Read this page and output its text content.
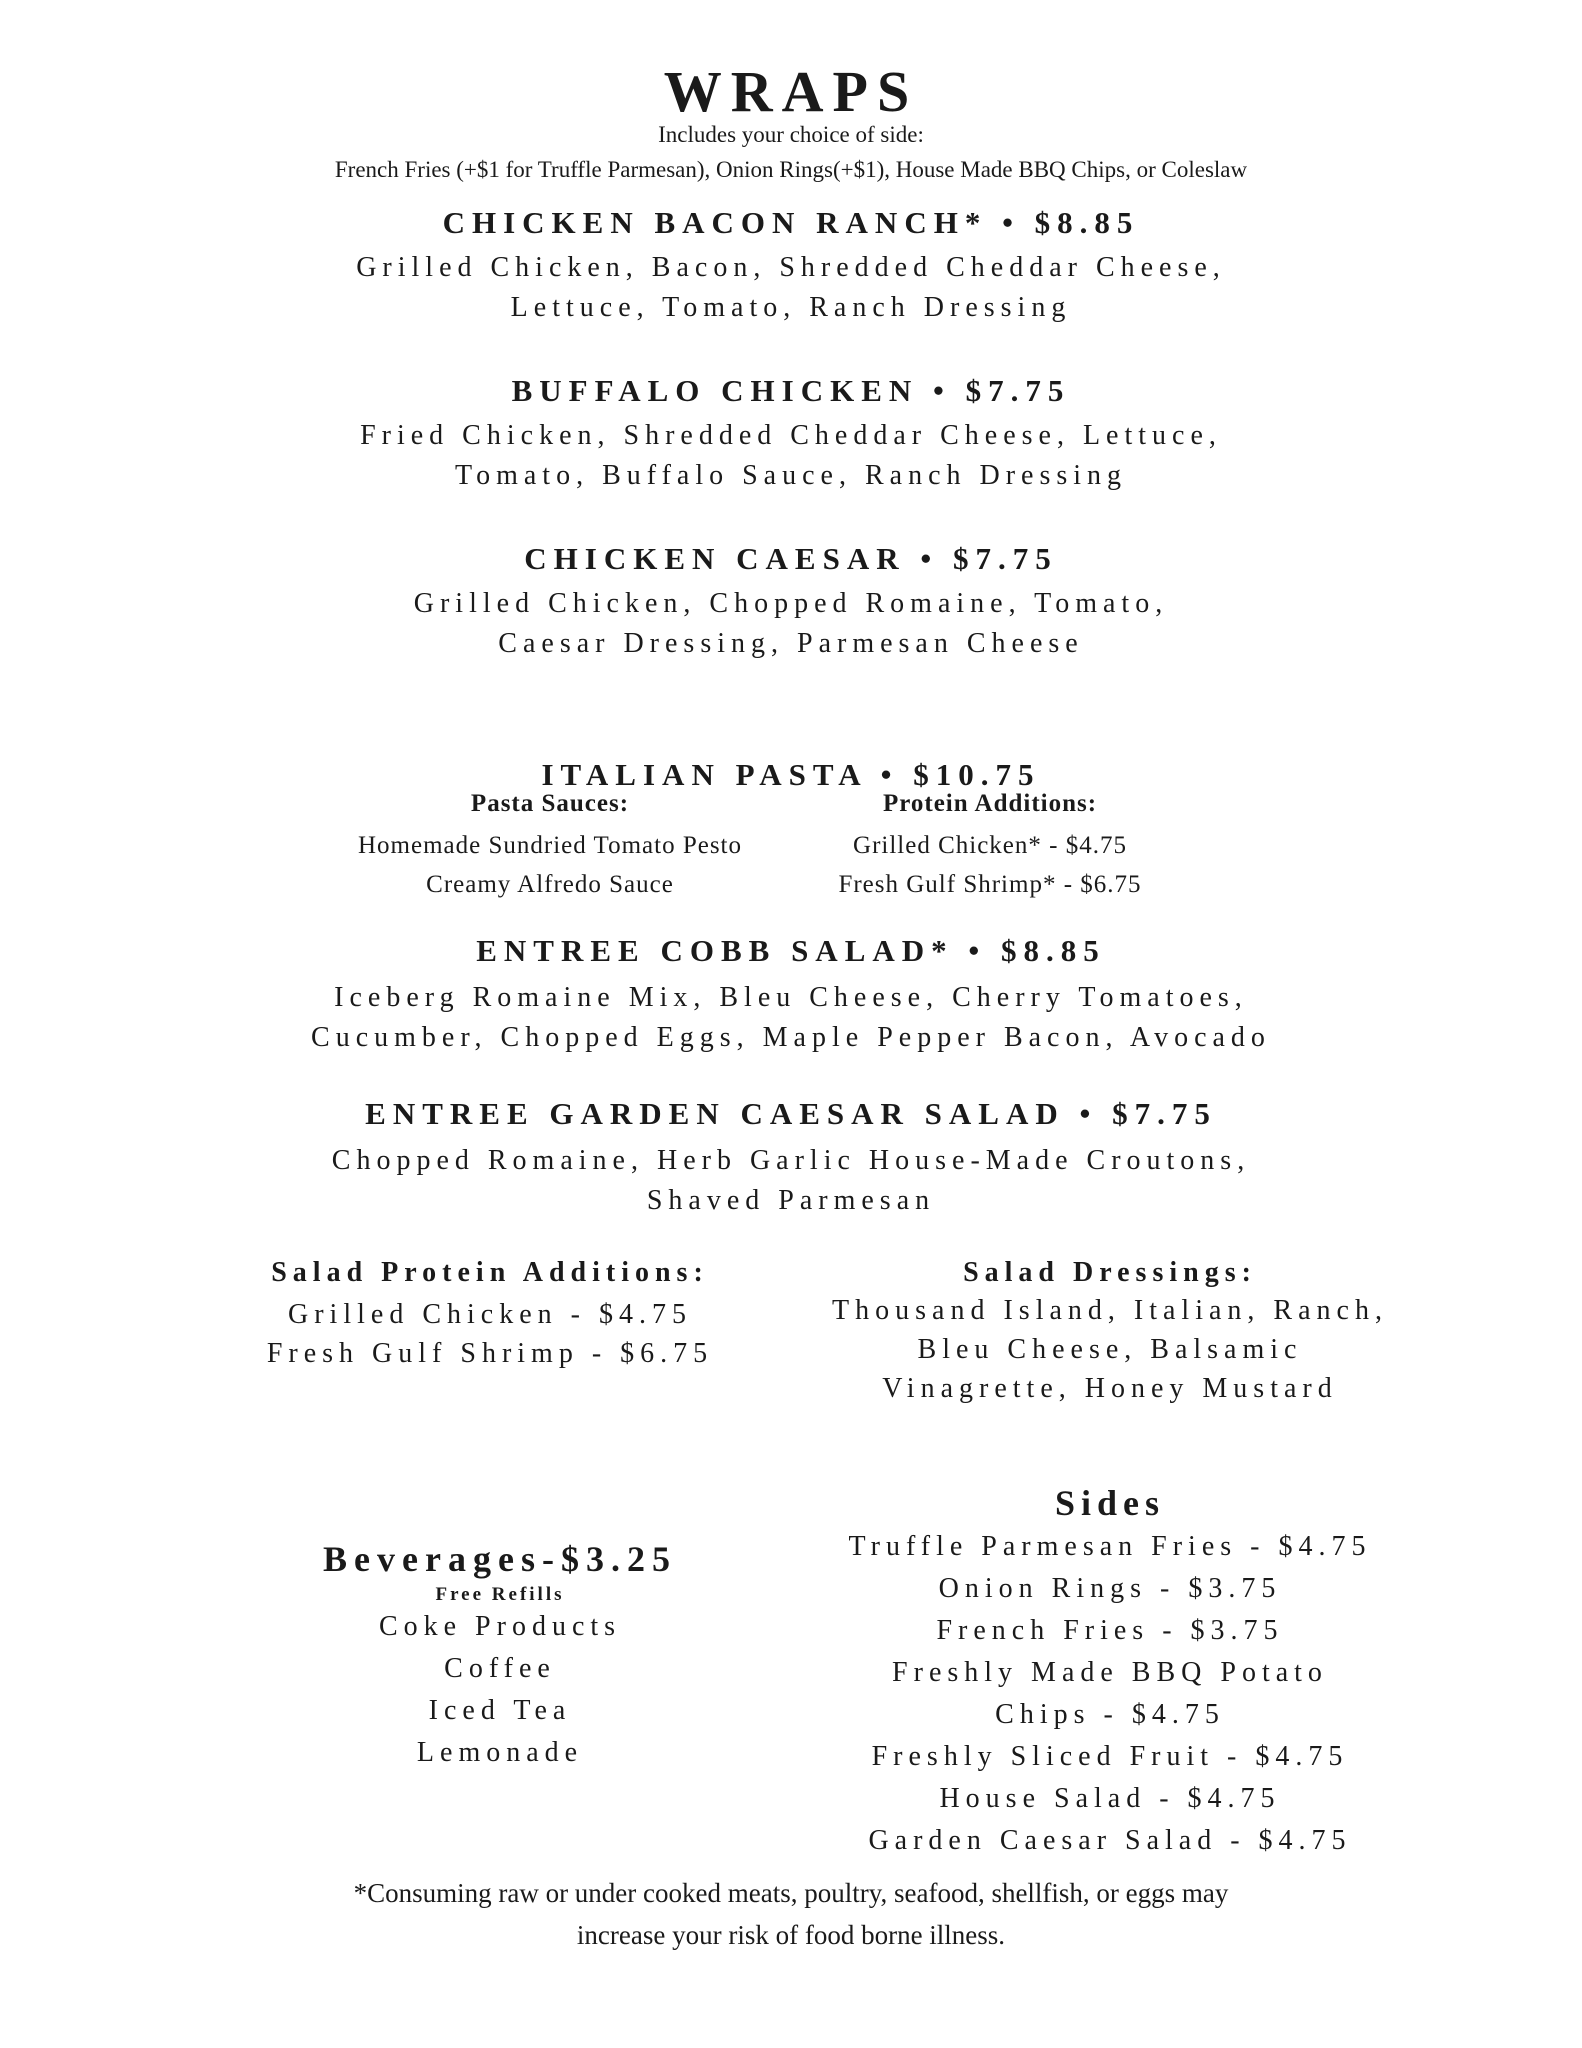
WRAPS
Includes your choice of side:
French Fries (+$1 for Truffle Parmesan), Onion Rings(+$1), House Made BBQ Chips, or Coleslaw
CHICKEN BACON RANCH* • $8.85
Grilled Chicken, Bacon, Shredded Cheddar Cheese,
Lettuce, Tomato, Ranch Dressing
BUFFALO CHICKEN • $7.75
Fried Chicken, Shredded Cheddar Cheese, Lettuce,
Tomato, Buffalo Sauce, Ranch Dressing
CHICKEN CAESAR • $7.75
Grilled Chicken, Chopped Romaine, Tomato,
Caesar Dressing, Parmesan Cheese
ITALIAN PASTA • $10.75
Pasta Sauces:
Homemade Sundried Tomato Pesto
Creamy Alfredo Sauce
Protein Additions:
Grilled Chicken* - $4.75
Fresh Gulf Shrimp* - $6.75
ENTREE COBB SALAD* • $8.85
Iceberg Romaine Mix, Bleu Cheese, Cherry Tomatoes,
Cucumber, Chopped Eggs, Maple Pepper Bacon, Avocado
ENTREE GARDEN CAESAR SALAD • $7.75
Chopped Romaine, Herb Garlic House-Made Croutons,
Shaved Parmesan
Salad Protein Additions:
Grilled Chicken - $4.75
Fresh Gulf Shrimp - $6.75
Salad Dressings:
Thousand Island, Italian, Ranch,
Bleu Cheese, Balsamic
Vinagrette, Honey Mustard
Beverages-$3.25
Free Refills
Coke Products
Coffee
Iced Tea
Lemonade
Sides
Truffle Parmesan Fries - $4.75
Onion Rings - $3.75
French Fries - $3.75
Freshly Made BBQ Potato
Chips - $4.75
Freshly Sliced Fruit - $4.75
House Salad - $4.75
Garden Caesar Salad - $4.75
*Consuming raw or under cooked meats, poultry, seafood, shellfish, or eggs may
increase your risk of food borne illness.
